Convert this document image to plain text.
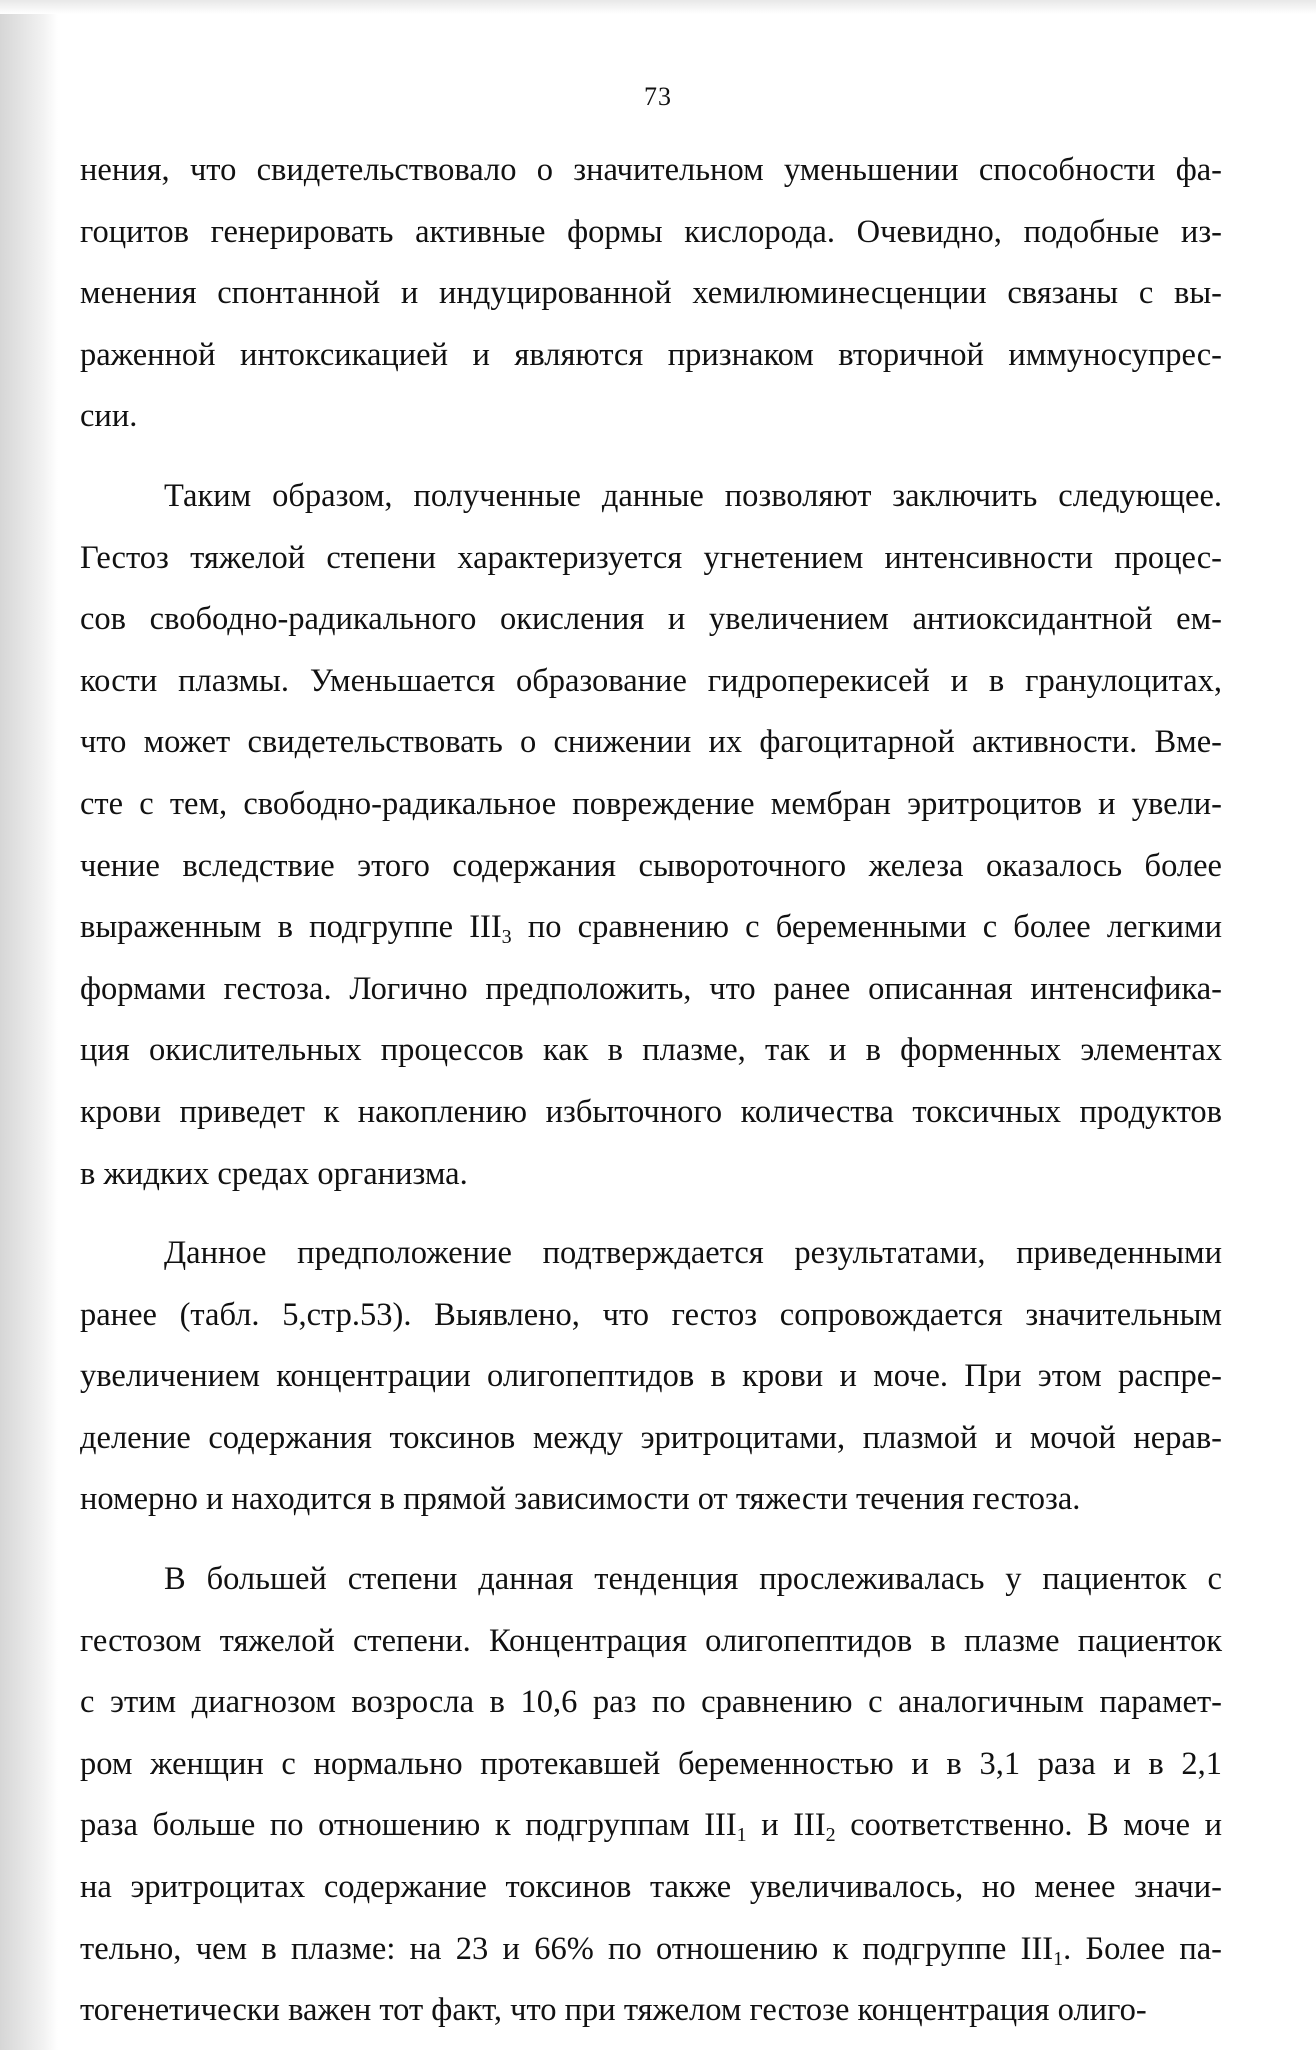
73
нения, что свидетельствовало о значительном уменьшении способности фа-
гоцитов генерировать активные формы кислорода. Очевидно, подобные из-
менения спонтанной и индуцированной хемилюминесценции связаны с вы-
раженной интоксикацией и являются признаком вторичной иммуносупрес-
сии.
Таким образом, полученные данные позволяют заключить следующее.
Гестоз тяжелой степени характеризуется угнетением интенсивности процес-
сов свободно-радикального окисления и увеличением антиоксидантной ем-
кости плазмы. Уменьшается образование гидроперекисей и в гранулоцитах,
что может свидетельствовать о снижении их фагоцитарной активности. Вме-
сте с тем, свободно-радикальное повреждение мембран эритроцитов и увели-
чение вследствие этого содержания сывороточного железа оказалось более
выраженным в подгруппе $III_3$ по сравнению с беременными с более легкими
формами гестоза. Логично предположить, что ранее описанная интенсифика-
ция окислительных процессов как в плазме, так и в форменных элементах
крови приведет к накоплению избыточного количества токсичных продуктов
в жидких средах организма.
Данное предположение подтверждается результатами, приведенными
ранее (табл. 5,стр.53). Выявлено, что гестоз сопровождается значительным
увеличением концентрации олигопептидов в крови и моче. При этом распре-
деление содержания токсинов между эритроцитами, плазмой и мочой нерав-
номерно и находится в прямой зависимости от тяжести течения гестоза.
В большей степени данная тенденция прослеживалась у пациенток с
гестозом тяжелой степени. Концентрация олигопептидов в плазме пациенток
с этим диагнозом возросла в 10,6 раз по сравнению с аналогичным парамет-
ром женщин с нормально протекавшей беременностью и в 3,1 раза и в 2,1
раза больше по отношению к подгруппам $III_1$ и $III_2$ соответственно. В моче и
на эритроцитах содержание токсинов также увеличивалось, но менее значи-
тельно, чем в плазме: на 23 и 66% по отношению к подгруппе $III_1$. Более па-
тогенетически важен тот факт, что при тяжелом гестозе концентрация олиго-
